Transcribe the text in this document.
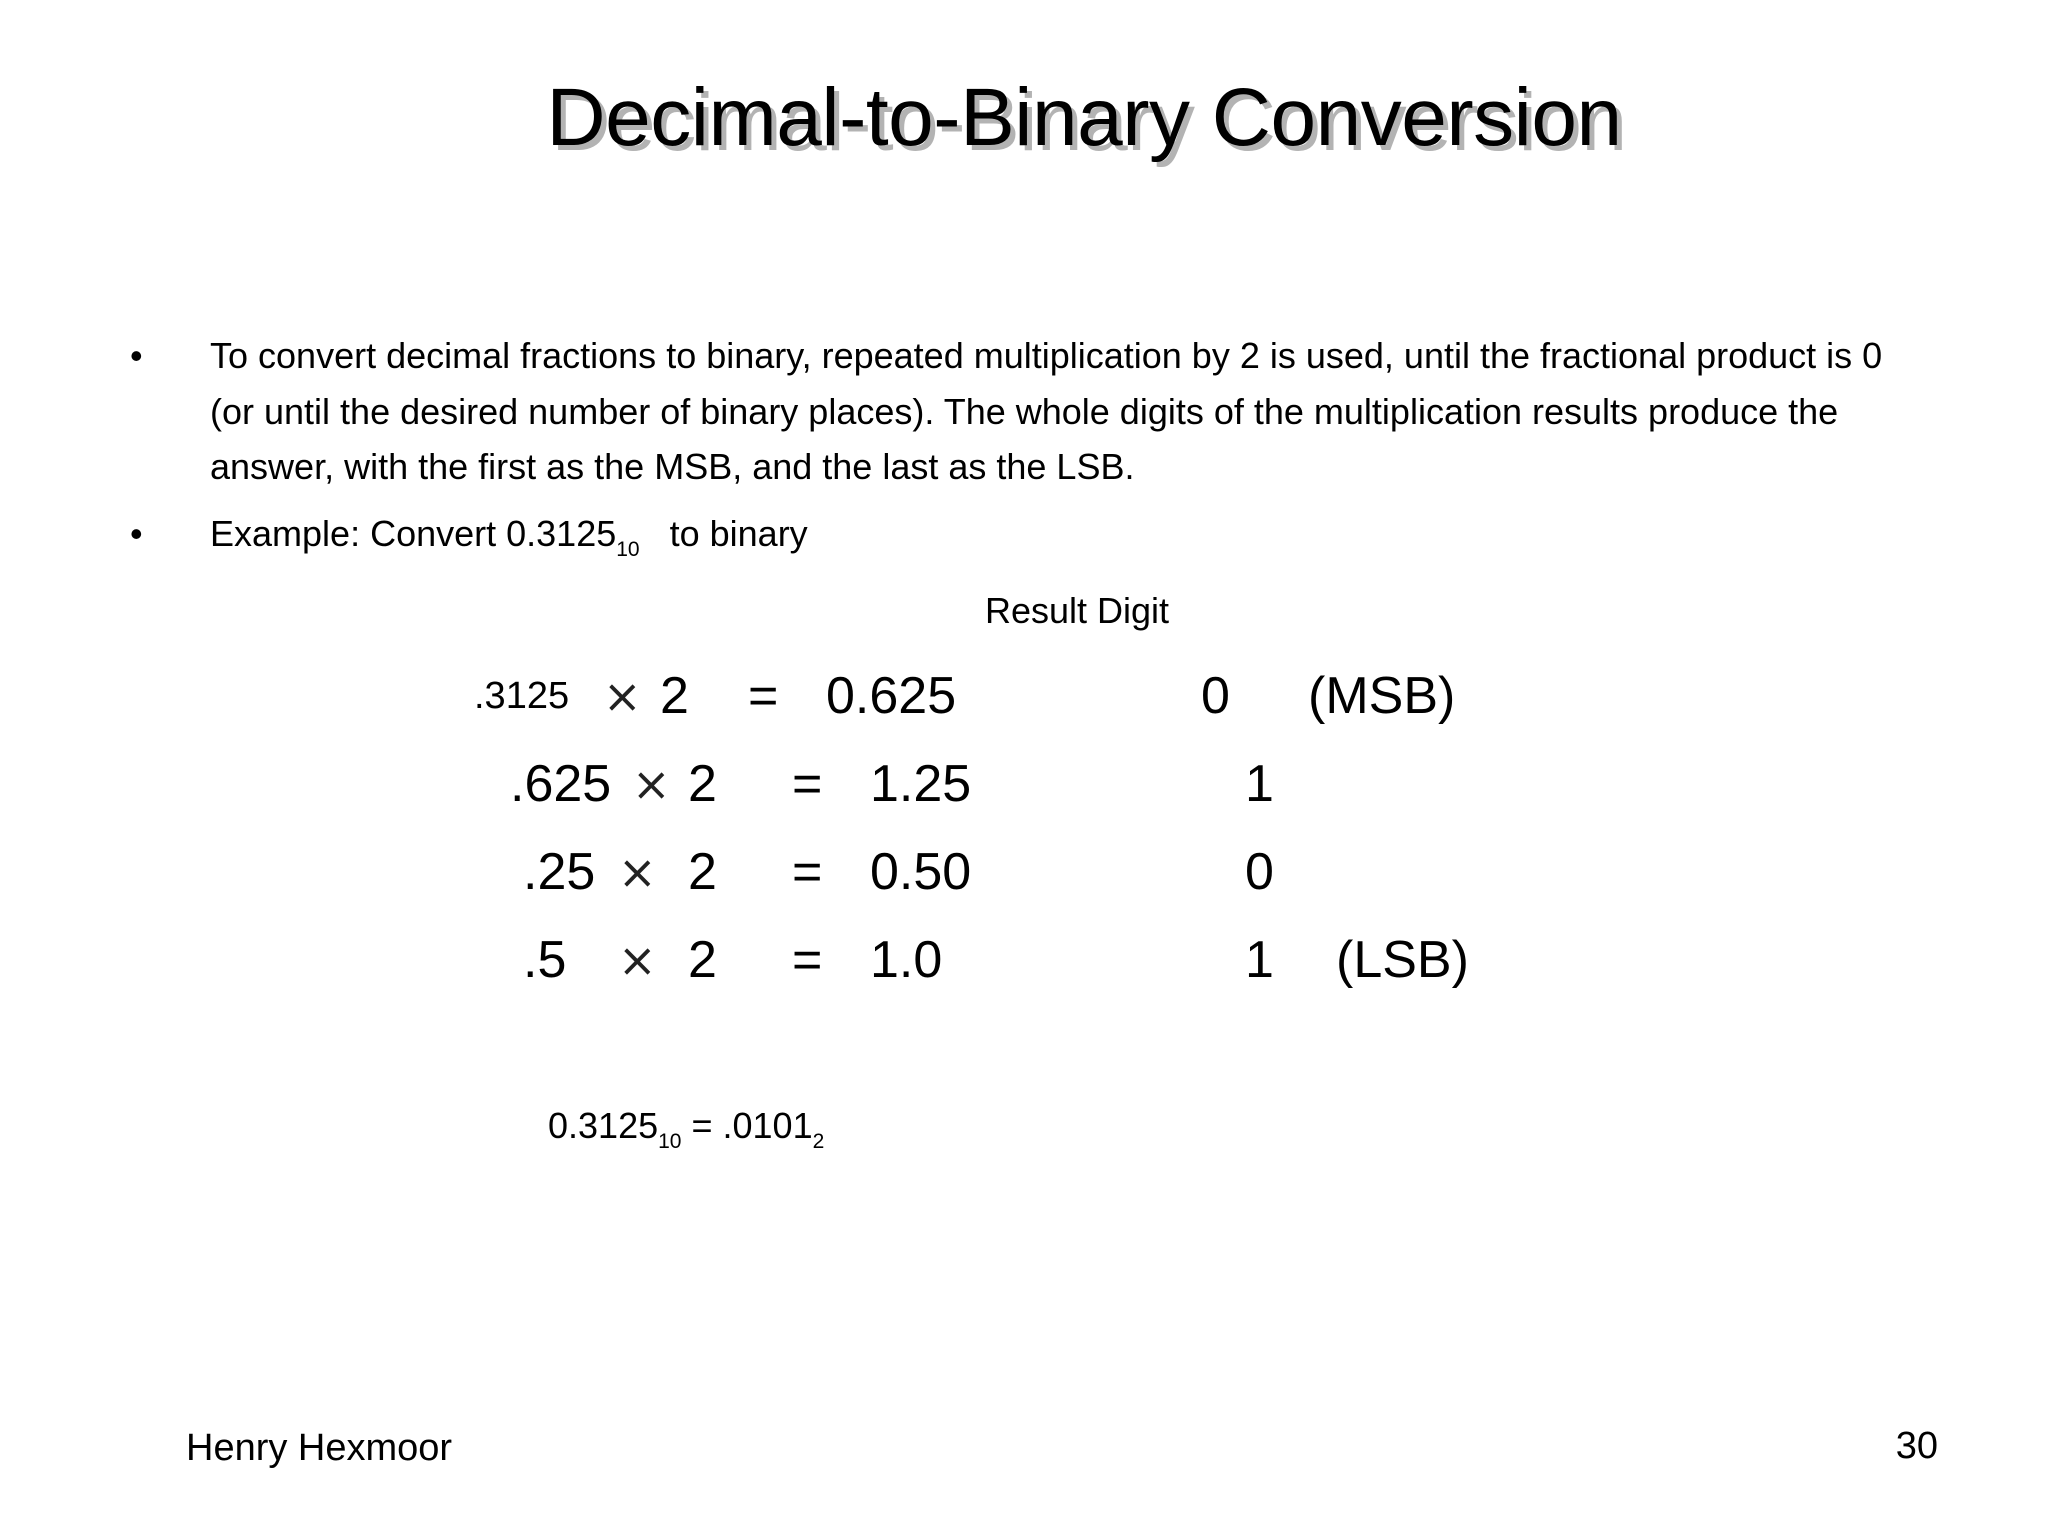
Decimal-to-Binary Conversion
• To convert decimal fractions to binary, repeated multiplication by 2 is used, until the fractional product is 0 (or until the desired number of binary places). The whole digits of the multiplication results produce the answer, with the first as the MSB, and the last as the LSB.
• Example: Convert $0.3125_{10}$ to binary
Result Digit
.3125 × 2 = 0.625	0 (MSB)
.625 × 2 = 1.25	1
.25 × 2 = 0.50	0
.5 × 2 = 1.0	1 (LSB)
$0.3125_{10} = .0101_2$
Henry Hexmoor	30
